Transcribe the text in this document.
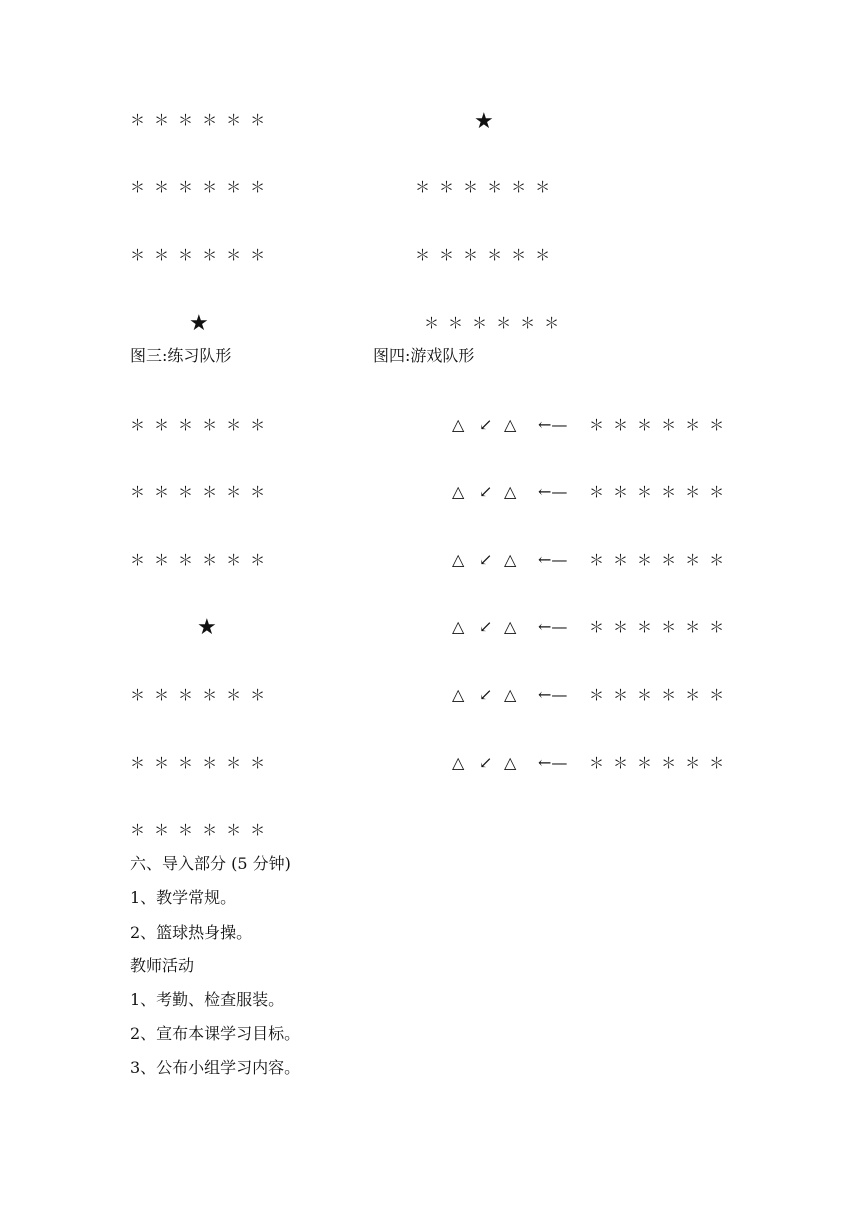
＊ ＊ ＊ ＊ ＊ ＊
＊ ＊ ＊ ＊ ＊ ＊
＊ ＊ ＊ ＊ ＊ ＊
★
★
＊ ＊ ＊ ＊ ＊ ＊
＊ ＊ ＊ ＊ ＊ ＊
＊ ＊ ＊ ＊ ＊ ＊
图三:练习队形	图四:游戏队形
＊ ＊ ＊ ＊ ＊ ＊
＊ ＊ ＊ ＊ ＊ ＊
＊ ＊ ＊ ＊ ＊ ＊
★
＊ ＊ ＊ ＊ ＊ ＊
＊ ＊ ＊ ＊ ＊ ＊
＊ ＊ ＊ ＊ ＊ ＊

△

↙

△

←—

＊ ＊ ＊ ＊ ＊ ＊

△

↙

△

←—

＊ ＊ ＊ ＊ ＊ ＊

△

↙

△

←—

＊ ＊ ＊ ＊ ＊ ＊

△

↙

△

←—

＊ ＊ ＊ ＊ ＊ ＊

△

↙

△

←—

＊ ＊ ＊ ＊ ＊ ＊

△

↙

△

←—

＊ ＊ ＊ ＊ ＊ ＊

六、导入部分 (5 分钟)
1、教学常规。
2、篮球热身操。
教师活动
1、考勤、检查服装。
2、宣布本课学习目标。
3、公布小组学习内容。
